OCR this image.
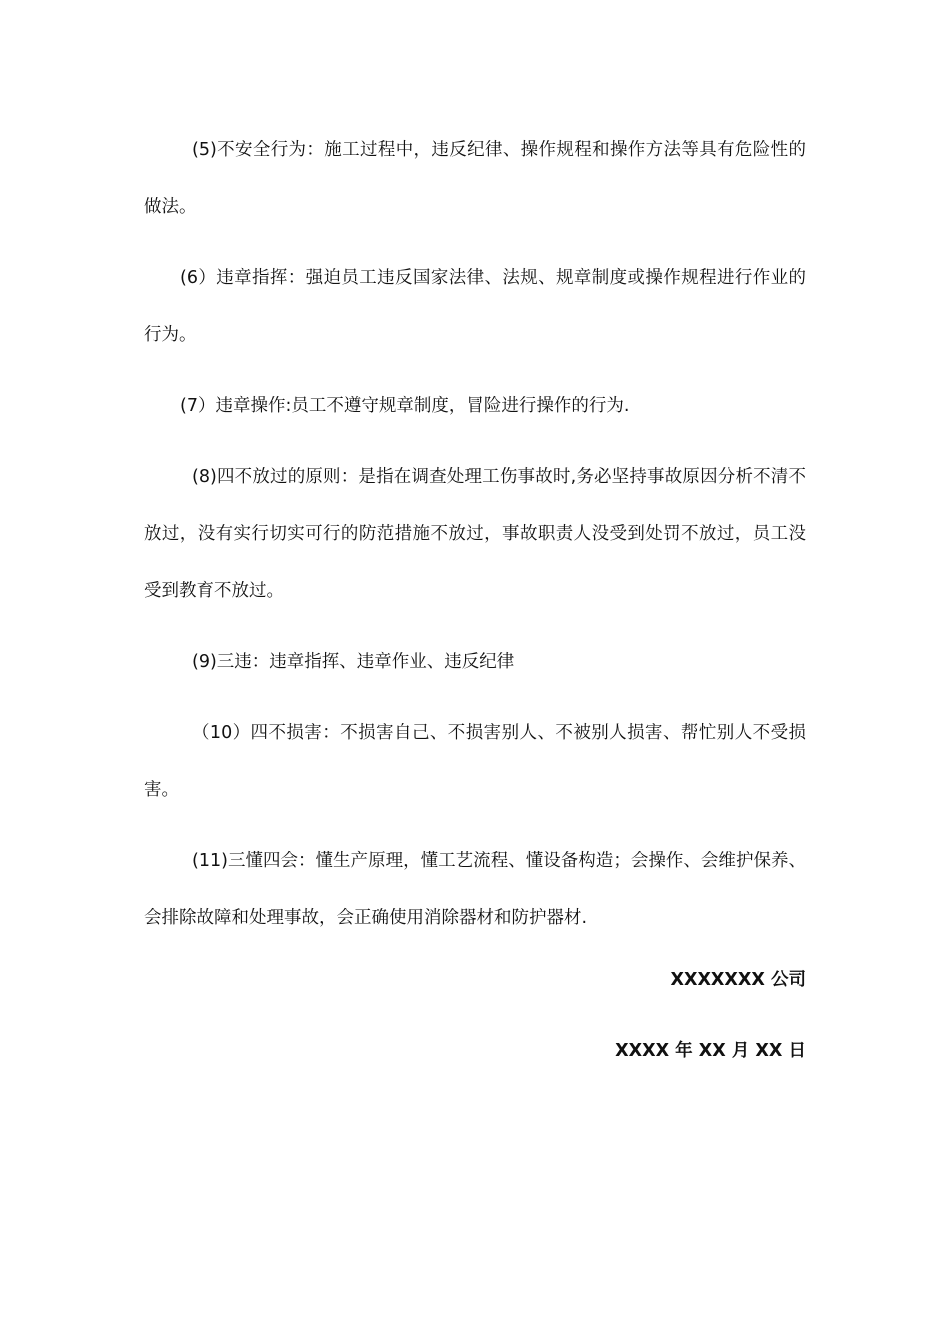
(5)不安全行为：施工过程中，违反纪律、操作规程和操作方法等具有危险性的做法。

(6）违章指挥：强迫员工违反国家法律、法规、规章制度或操作规程进行作业的行为。

(7）违章操作:员工不遵守规章制度，冒险进行操作的行为.

(8)四不放过的原则：是指在调查处理工伤事故时,务必坚持事故原因分析不清不放过，没有实行切实可行的防范措施不放过，事故职责人没受到处罚不放过，员工没受到教育不放过。

(9)三违：违章指挥、违章作业、违反纪律

（10）四不损害：不损害自己、不损害别人、不被别人损害、帮忙别人不受损害。

(11)三懂四会：懂生产原理，懂工艺流程、懂设备构造；会操作、会维护保养、会排除故障和处理事故，会正确使用消除器材和防护器材.

XXXXXXX 公司
XXXX 年 XX 月 XX 日
